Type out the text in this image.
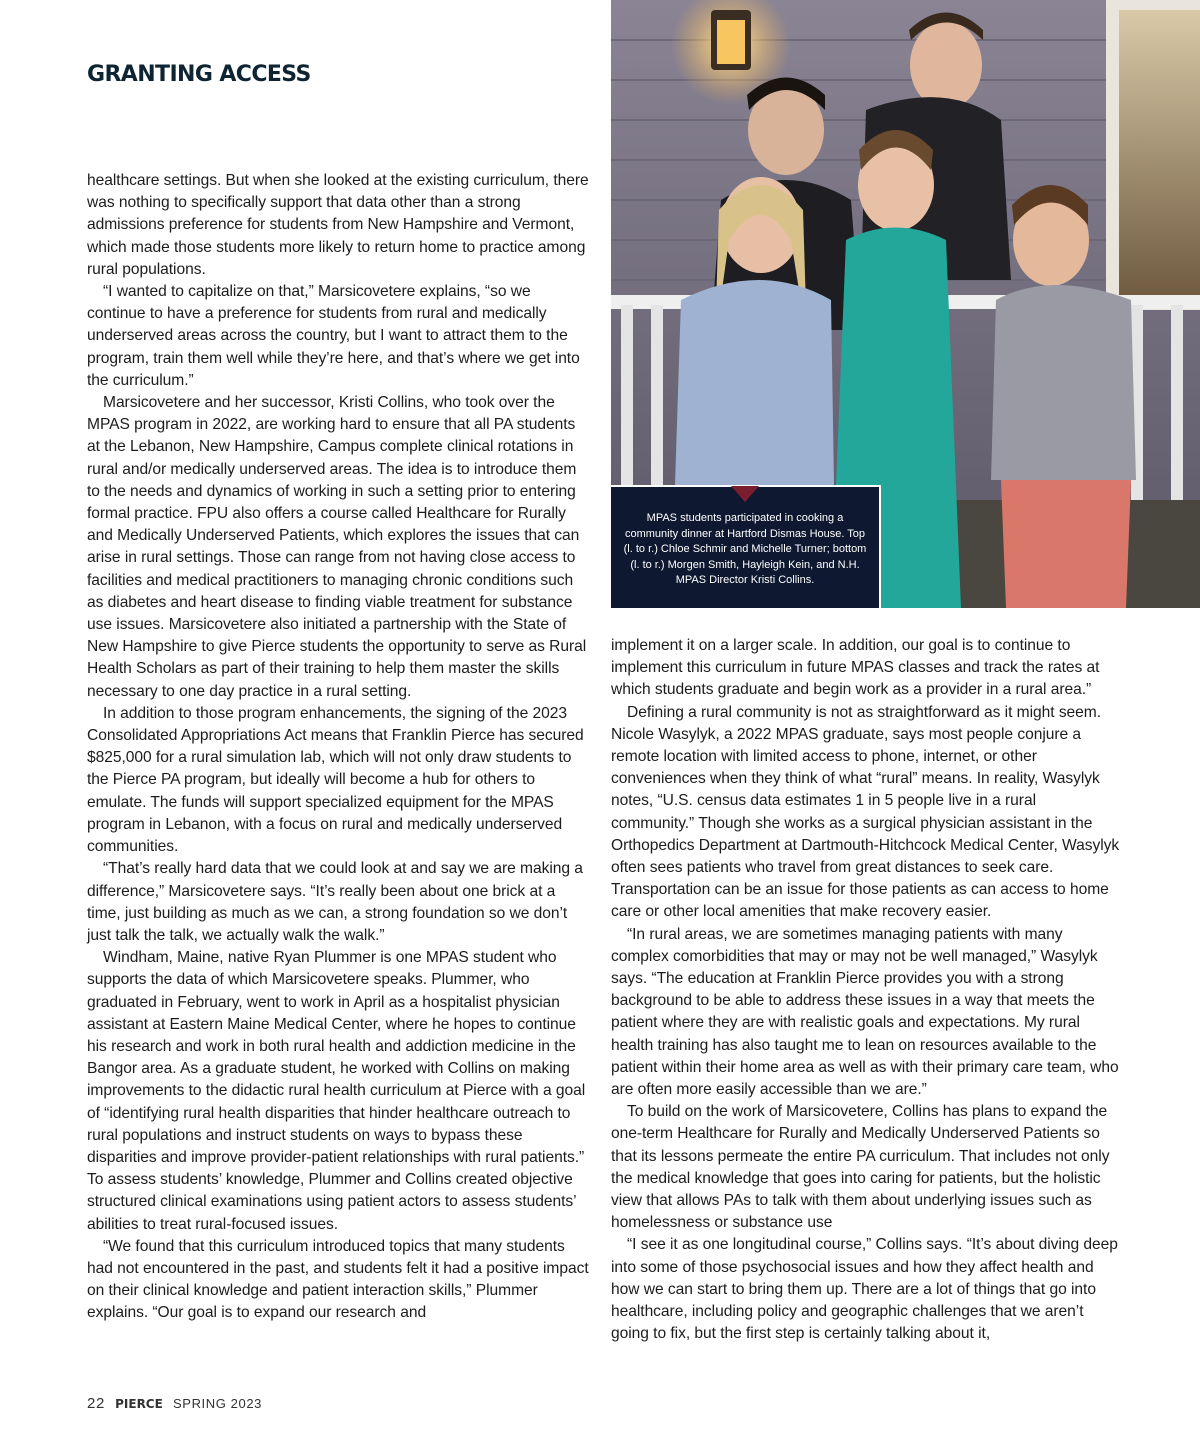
GRANTING ACCESS
MPAS students participated in cooking a community dinner at Hartford Dismas House. Top (l. to r.) Chloe Schmir and Michelle Turner; bottom (l. to r.) Morgen Smith, Hayleigh Kein, and N.H. MPAS Director Kristi Collins.

healthcare settings. But when she looked at the existing curriculum, there was nothing to specifically support that data other than a strong admissions preference for students from New Hampshire and Vermont, which made those students more likely to return home to practice among rural populations.

“I wanted to capitalize on that,” Marsicovetere explains, “so we continue to have a preference for students from rural and medically underserved areas across the country, but I want to attract them to the program, train them well while they’re here, and that’s where we get into the curriculum.”

Marsicovetere and her successor, Kristi Collins, who took over the MPAS program in 2022, are working hard to ensure that all PA students at the Lebanon, New Hampshire, Campus complete clinical rotations in rural and/or medically underserved areas. The idea is to introduce them to the needs and dynamics of working in such a setting prior to entering formal practice. FPU also offers a course called Healthcare for Rurally and Medically Underserved Patients, which explores the issues that can arise in rural settings. Those can range from not having close access to facilities and medical practitioners to managing chronic conditions such as diabetes and heart disease to finding viable treatment for substance use issues. Marsicovetere also initiated a partnership with the State of New Hampshire to give Pierce students the opportunity to serve as Rural Health Scholars as part of their training to help them master the skills necessary to one day practice in a rural setting.

In addition to those program enhancements, the signing of the 2023 Consolidated Appropriations Act means that Franklin Pierce has secured $825,000 for a rural simulation lab, which will not only draw students to the Pierce PA program, but ideally will become a hub for others to emulate. The funds will support specialized equipment for the MPAS program in Lebanon, with a focus on rural and medically underserved communities.

“That’s really hard data that we could look at and say we are making a difference,” Marsicovetere says. “It’s really been about one brick at a time, just building as much as we can, a strong foundation so we don’t just talk the talk, we actually walk the walk.”

Windham, Maine, native Ryan Plummer is one MPAS student who supports the data of which Marsicovetere speaks. Plummer, who graduated in February, went to work in April as a hospitalist physician assistant at Eastern Maine Medical Center, where he hopes to continue his research and work in both rural health and addiction medicine in the Bangor area. As a graduate student, he worked with Collins on making improvements to the didactic rural health curriculum at Pierce with a goal of “identifying rural health disparities that hinder healthcare outreach to rural populations and instruct students on ways to bypass these disparities and improve provider-patient relationships with rural patients.” To assess students’ knowledge, Plummer and Collins created objective structured clinical examinations using patient actors to assess students’ abilities to treat rural-focused issues.

“We found that this curriculum introduced topics that many students had not encountered in the past, and students felt it had a positive impact on their clinical knowledge and patient interaction skills,” Plummer explains. “Our goal is to expand our research and

implement it on a larger scale. In addition, our goal is to continue to implement this curriculum in future MPAS classes and track the rates at which students graduate and begin work as a provider in a rural area.”

Defining a rural community is not as straightforward as it might seem. Nicole Wasylyk, a 2022 MPAS graduate, says most people conjure a remote location with limited access to phone, internet, or other conveniences when they think of what “rural” means. In reality, Wasylyk notes, “U.S. census data estimates 1 in 5 people live in a rural community.” Though she works as a surgical physician assistant in the Orthopedics Department at Dartmouth-Hitchcock Medical Center, Wasylyk often sees patients who travel from great distances to seek care. Transportation can be an issue for those patients as can access to home care or other local amenities that make recovery easier.

“In rural areas, we are sometimes managing patients with many complex comorbidities that may or may not be well managed,” Wasylyk says. “The education at Franklin Pierce provides you with a strong background to be able to address these issues in a way that meets the patient where they are with realistic goals and expectations. My rural health training has also taught me to lean on resources available to the patient within their home area as well as with their primary care team, who are often more easily accessible than we are.”

To build on the work of Marsicovetere, Collins has plans to expand the one-term Healthcare for Rurally and Medically Underserved Patients so that its lessons permeate the entire PA curriculum. That includes not only the medical knowledge that goes into caring for patients, but the holistic view that allows PAs to talk with them about underlying issues such as homelessness or substance use

“I see it as one longitudinal course,” Collins says. “It’s about diving deep into some of those psychosocial issues and how they affect health and how we can start to bring them up. There are a lot of things that go into healthcare, including policy and geographic challenges that we aren’t going to fix, but the first step is certainly talking about it,

22 PIERCE SPRING 2023
